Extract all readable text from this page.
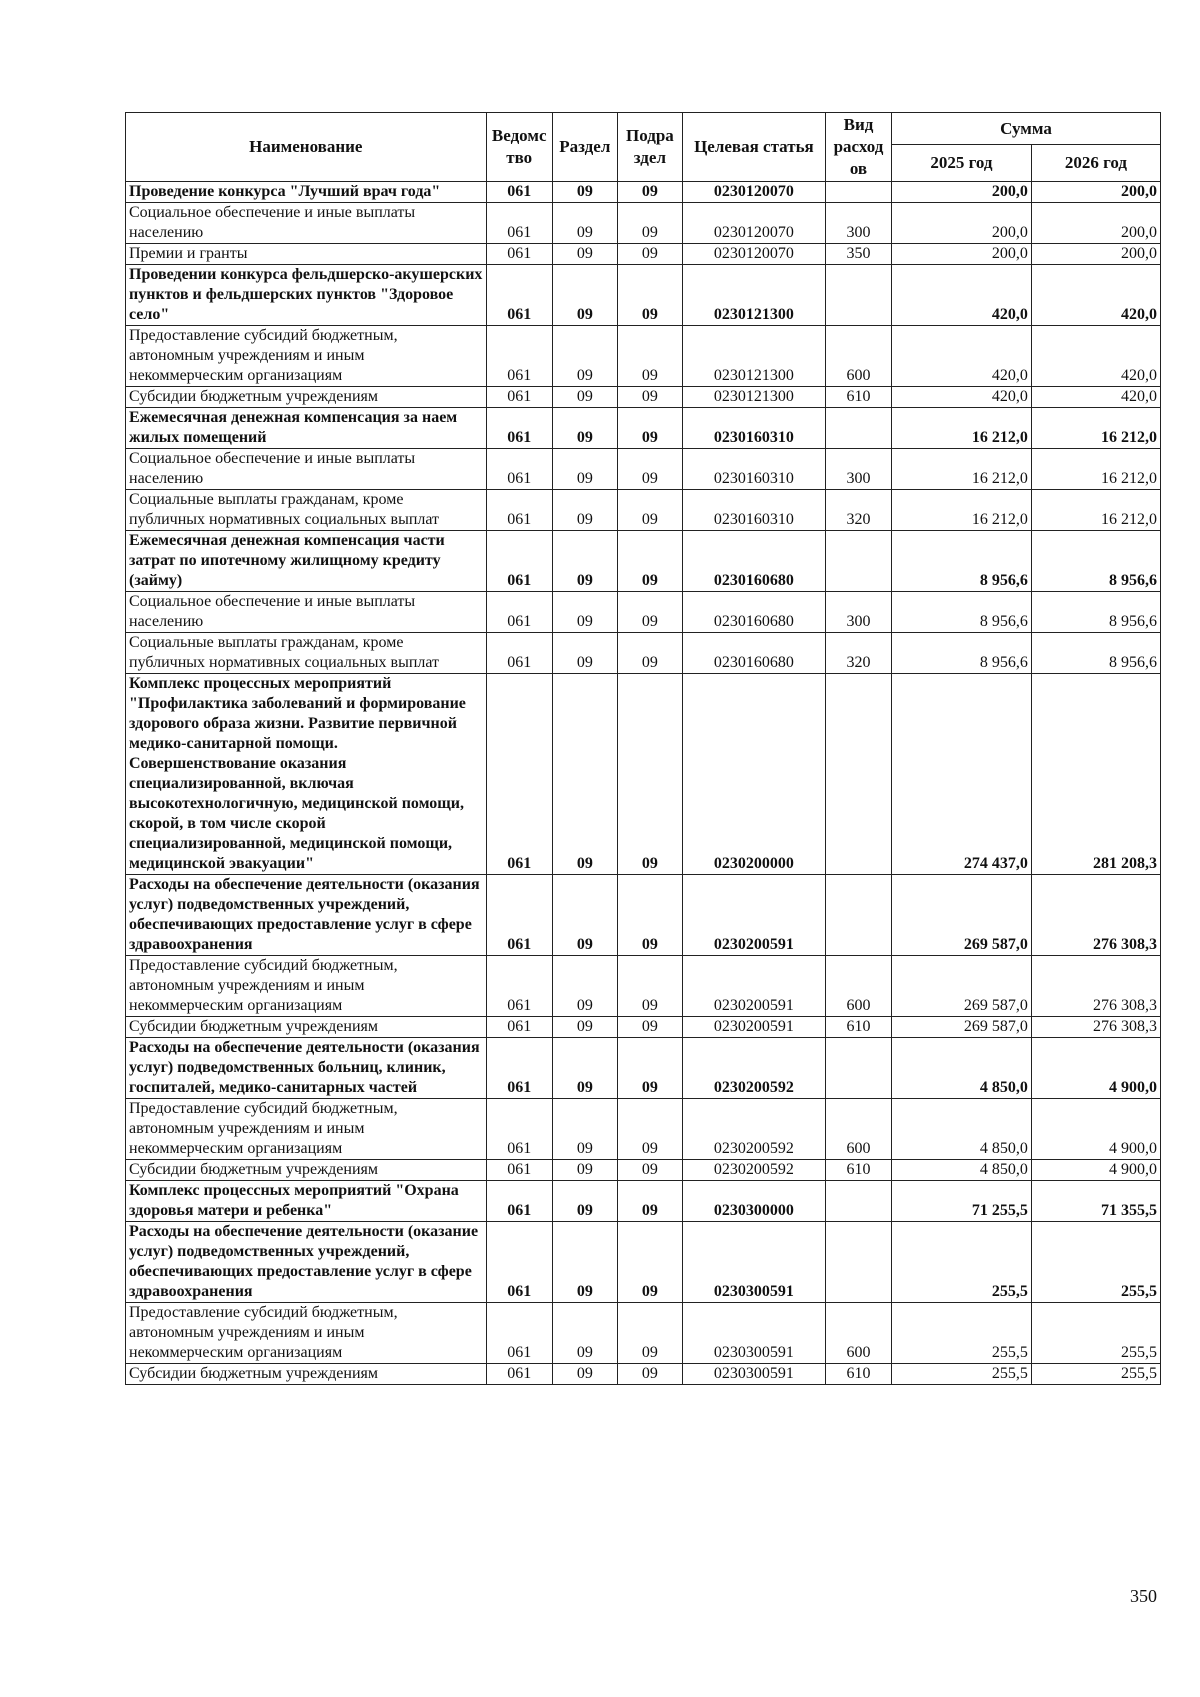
Наименование	Ведомс тво	Раздел	Подра здел	Целевая статья	Вид расход ов	Сумма	
						2025 год	2026 год
Проведение конкурса "Лучший врач года"	061	09	09	0230120070		200,0	200,0
Социальное обеспечение и иные выплаты населению	061	09	09	0230120070	300	200,0	200,0
Премии и гранты	061	09	09	0230120070	350	200,0	200,0
Проведении конкурса фельдшерско-акушерских пунктов и фельдшерских пунктов "Здоровое село"	061	09	09	0230121300		420,0	420,0
Предоставление субсидий бюджетным, автономным учреждениям и иным некоммерческим организациям	061	09	09	0230121300	600	420,0	420,0
Субсидии бюджетным учреждениям	061	09	09	0230121300	610	420,0	420,0
Ежемесячная денежная компенсация за наем жилых помещений	061	09	09	0230160310		16 212,0	16 212,0
Социальное обеспечение и иные выплаты населению	061	09	09	0230160310	300	16 212,0	16 212,0
Социальные выплаты гражданам, кроме публичных нормативных социальных выплат	061	09	09	0230160310	320	16 212,0	16 212,0
Ежемесячная денежная компенсация части затрат по ипотечному жилищному кредиту (займу)	061	09	09	0230160680		8 956,6	8 956,6
Социальное обеспечение и иные выплаты населению	061	09	09	0230160680	300	8 956,6	8 956,6
Социальные выплаты гражданам, кроме публичных нормативных социальных выплат	061	09	09	0230160680	320	8 956,6	8 956,6
Комплекс процессных мероприятий "Профилактика заболеваний и формирование здорового образа жизни. Развитие первичной медико-санитарной помощи. Совершенствование оказания специализированной, включая высокотехнологичную, медицинской помощи, скорой, в том числе скорой специализированной, медицинской помощи, медицинской эвакуации"	061	09	09	0230200000		274 437,0	281 208,3
Расходы на обеспечение деятельности (оказания услуг) подведомственных учреждений, обеспечивающих предоставление услуг в сфере здравоохранения	061	09	09	0230200591		269 587,0	276 308,3
Предоставление субсидий бюджетным, автономным учреждениям и иным некоммерческим организациям	061	09	09	0230200591	600	269 587,0	276 308,3
Субсидии бюджетным учреждениям	061	09	09	0230200591	610	269 587,0	276 308,3
Расходы на обеспечение деятельности (оказания услуг) подведомственных больниц, клиник, госпиталей, медико-санитарных частей	061	09	09	0230200592		4 850,0	4 900,0
Предоставление субсидий бюджетным, автономным учреждениям и иным некоммерческим организациям	061	09	09	0230200592	600	4 850,0	4 900,0
Субсидии бюджетным учреждениям	061	09	09	0230200592	610	4 850,0	4 900,0
Комплекс процессных мероприятий "Охрана здоровья матери и ребенка"	061	09	09	0230300000		71 255,5	71 355,5
Расходы на обеспечение деятельности (оказание услуг) подведомственных учреждений, обеспечивающих предоставление услуг в сфере здравоохранения	061	09	09	0230300591		255,5	255,5
Предоставление субсидий бюджетным, автономным учреждениям и иным некоммерческим организациям	061	09	09	0230300591	600	255,5	255,5
Субсидии бюджетным учреждениям	061	09	09	0230300591	610	255,5	255,5
350
